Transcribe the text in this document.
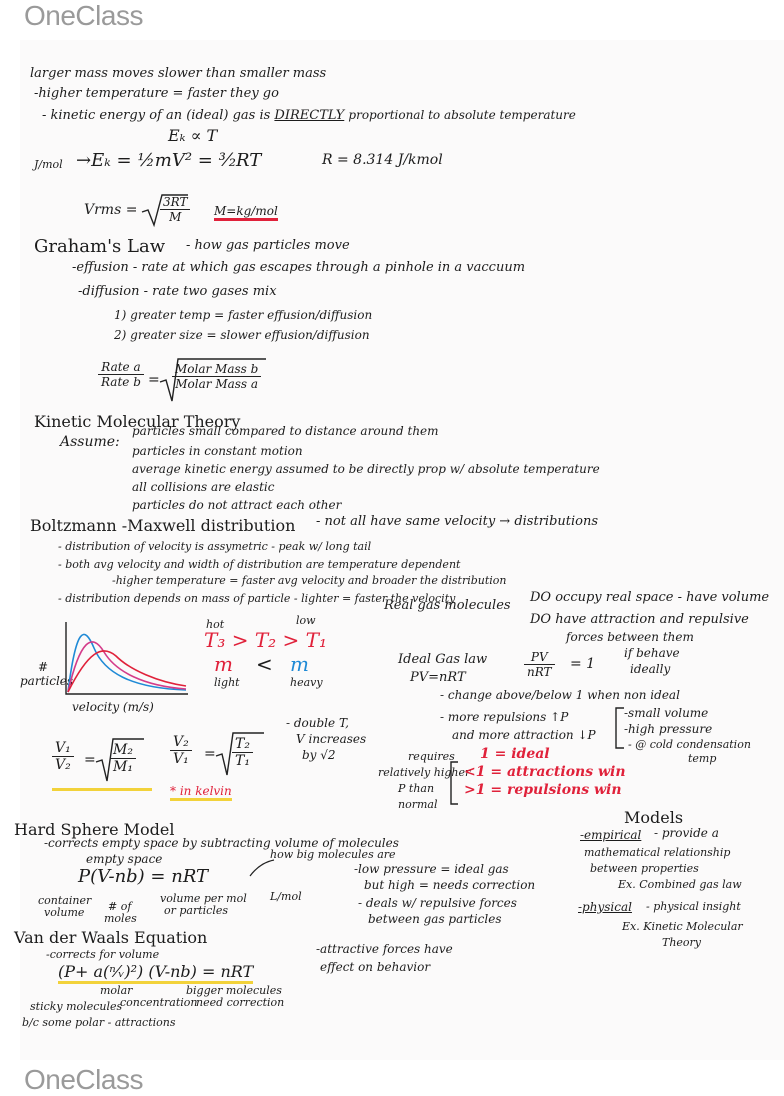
OneClass
larger mass moves slower than smaller mass
-higher temperature = faster they go
- kinetic energy of an (ideal) gas is DIRECTLY proportional to absolute temperature
Eₖ ∝ T
J/mol →Eₖ = ½mV² = ³⁄₂RT	R = 8.314 J/kmol
Vrms = $\frac{3RT}{M} M=kg/mol$
Graham's Law - how gas particles move
-effusion - rate at which gas escapes through a pinhole in a vaccuum
-diffusion - rate two gases mix
1) greater temp = faster effusion/diffusion
2) greater size = slower effusion/diffusion
Rate a
Rate b =
Molar Mass b
Molar Mass a
Kinetic Molecular Theory
Assume:
particles small compared to distance around them
particles in constant motion
average kinetic energy assumed to be directly prop w/ absolute temperature
all collisions are elastic
particles do not attract each other
Boltzmann -Maxwell distribution - not all have same velocity → distributions
- distribution of velocity is assymetric - peak w/ long tail
- both avg velocity and width of distribution are temperature dependent
-higher temperature = faster avg velocity and broader the distribution
- distribution depends on mass of particle - lighter = faster the velocity
# particles
velocity (m/s)
hot	low
T₃ > T₂ > T₁
m < m
light	heavy
$\frac{\text{V₁}}{\text{V₂}} = \frac{\text{M₂}}{\text{M₁}} \frac{\text{V₂}}{\text{V₁}} = \frac{\text{T₂}}{\text{T₁}}$
* in kelvin
- double T,
V increases
by √2
Real gas molecules
DO occupy real space - have volume
DO have attraction and repulsive
forces between them
Ideal Gas law
PV=nRT
PV
nRT = 1
if behave
ideally
- change above/below 1 when non ideal
- more repulsions ↑P
and more attraction ↓P
-small volume
-high pressure
- @ cold condensation
temp
requires
relatively higher
P than
normal
1 = ideal
<1 = attractions win
>1 = repulsions win
Hard Sphere Model
-corrects empty space by subtracting volume of molecules
empty space
P(V-nb) = nRT
how big molecules are
container
volume # of
moles
volume per mol
or particles
L/mol
-low pressure = ideal gas
but high = needs correction
- deals w/ repulsive forces
between gas particles
Van der Waals Equation
-corrects for volume
(P+ a(ⁿ⁄ᵥ)²) (V-nb) = nRT
molar
concentration
bigger molecules
need correction
sticky molecules
b/c some polar - attractions
-attractive forces have
effect on behavior
Models
-empirical - provide a
mathematical relationship
between properties
Ex. Combined gas law
-physical - physical insight
Ex. Kinetic Molecular
Theory
OneClass
